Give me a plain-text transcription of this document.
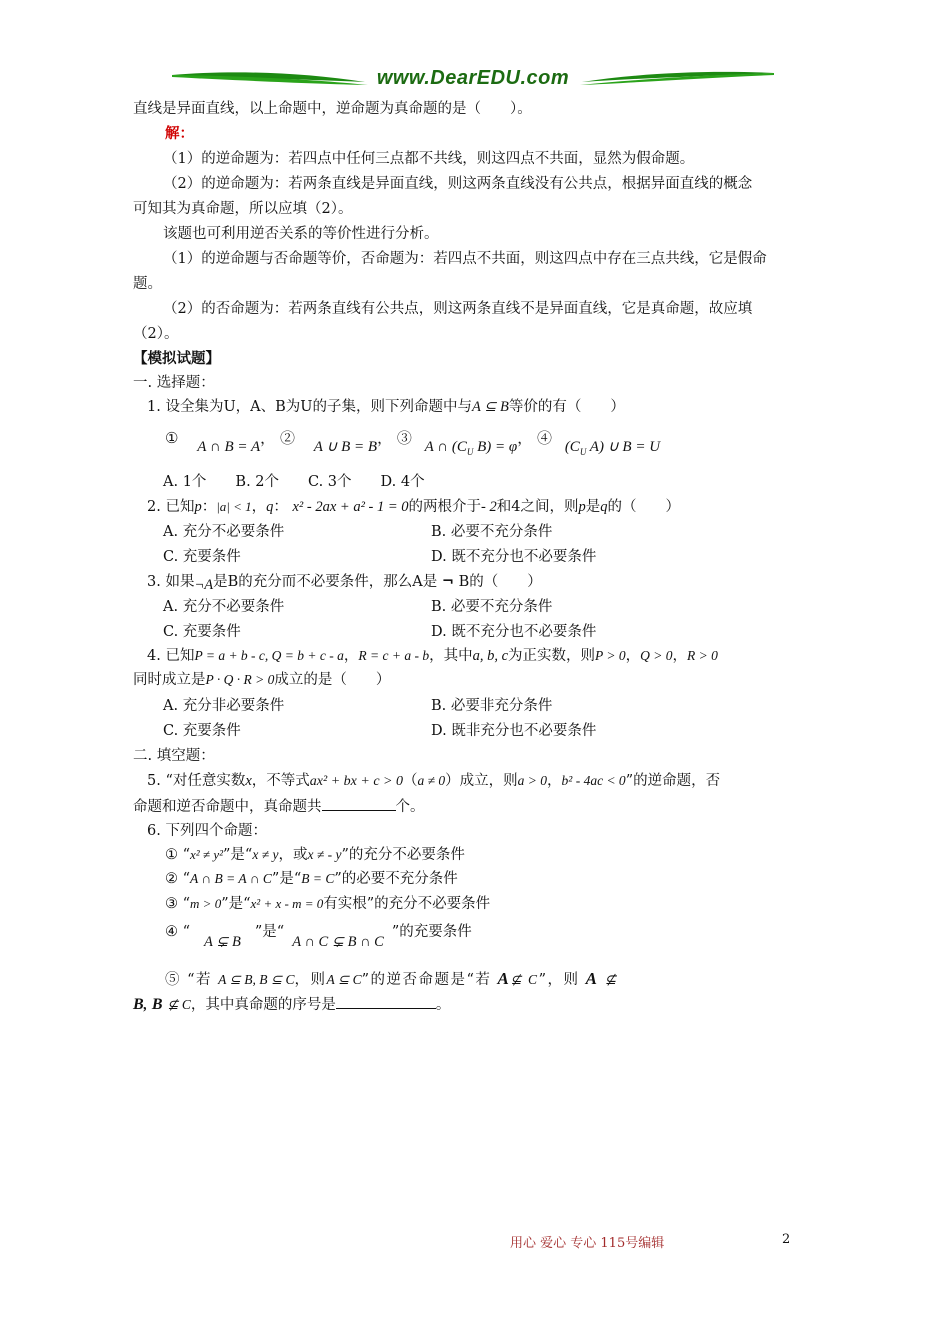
www.DearEDU.com
直线是异面直线，以上命题中，逆命题为真命题的是（　　）。
解：
（1）的逆命题为：若四点中任何三点都不共线，则这四点不共面，显然为假命题。
（2）的逆命题为：若两条直线是异面直线，则这两条直线没有公共点，根据异面直线的概念
可知其为真命题，所以应填（2）。
该题也可利用逆否关系的等价性进行分析。
（1）的逆命题与否命题等价，否命题为：若四点不共面，则这四点中存在三点共线，它是假命
题。
（2）的否命题为：若两条直线有公共点，则这两条直线不是异面直线，它是真命题，故应填
（2）。
【模拟试题】
一. 选择题：
1. 设全集为U，A、B为U的子集，则下列命题中与A ⊆ B等价的有（　　）
① A ∩ B = A， ② A ∪ B = B， ③ A ∩ ($C_U$ B) = φ， ④ ($C_U$ A) ∪ B = U
A. 1个　　B. 2个　　C. 3个　　D. 4个
2. 已知p：|a| < 1，q： x² - 2ax + a² - 1 = 0的两根介于- 2和4之间，则p是q的（　　）
A. 充分不必要条件	B. 必要不充分条件
C. 充要条件	D. 既不充分也不必要条件
3. 如果¬A是B的充分而不必要条件，那么A是 ¬ B的（　　）
A. 充分不必要条件	B. 必要不充分条件
C. 充要条件	D. 既不充分也不必要条件
4. 已知P = a + b - c, Q = b + c - a，R = c + a - b，其中a, b, c为正实数，则P > 0，Q > 0，R > 0
同时成立是P · Q · R > 0成立的是（　　）
A. 充分非必要条件	B. 必要非充分条件
C. 充要条件	D. 既非充分也不必要条件
二. 填空题：
5. “对任意实数x，不等式ax² + bx + c > 0（a ≠ 0）成立，则a > 0，b² - 4ac < 0”的逆命题，否
命题和逆否命题中，真命题共	个。
6. 下列四个命题：
① “x² ≠ y²”是“x ≠ y，或x ≠ - y”的充分不必要条件
② “A ∩ B = A ∩ C”是“B = C”的必要不充分条件
③ “m > 0”是“x² + x - m = 0有实根”的充分不必要条件
④ “A ⊊ B”是“A ∩ C ⊊ B ∩ C”的充要条件
⑤ “若 A ⊆ B, B ⊆ C，则A ⊆ C”的逆否命题是“若 A⊈ C”，则 A ⊈
B, B ⊈ C，其中真命题的序号是	。
用心 爱心 专心 115号编辑	2
